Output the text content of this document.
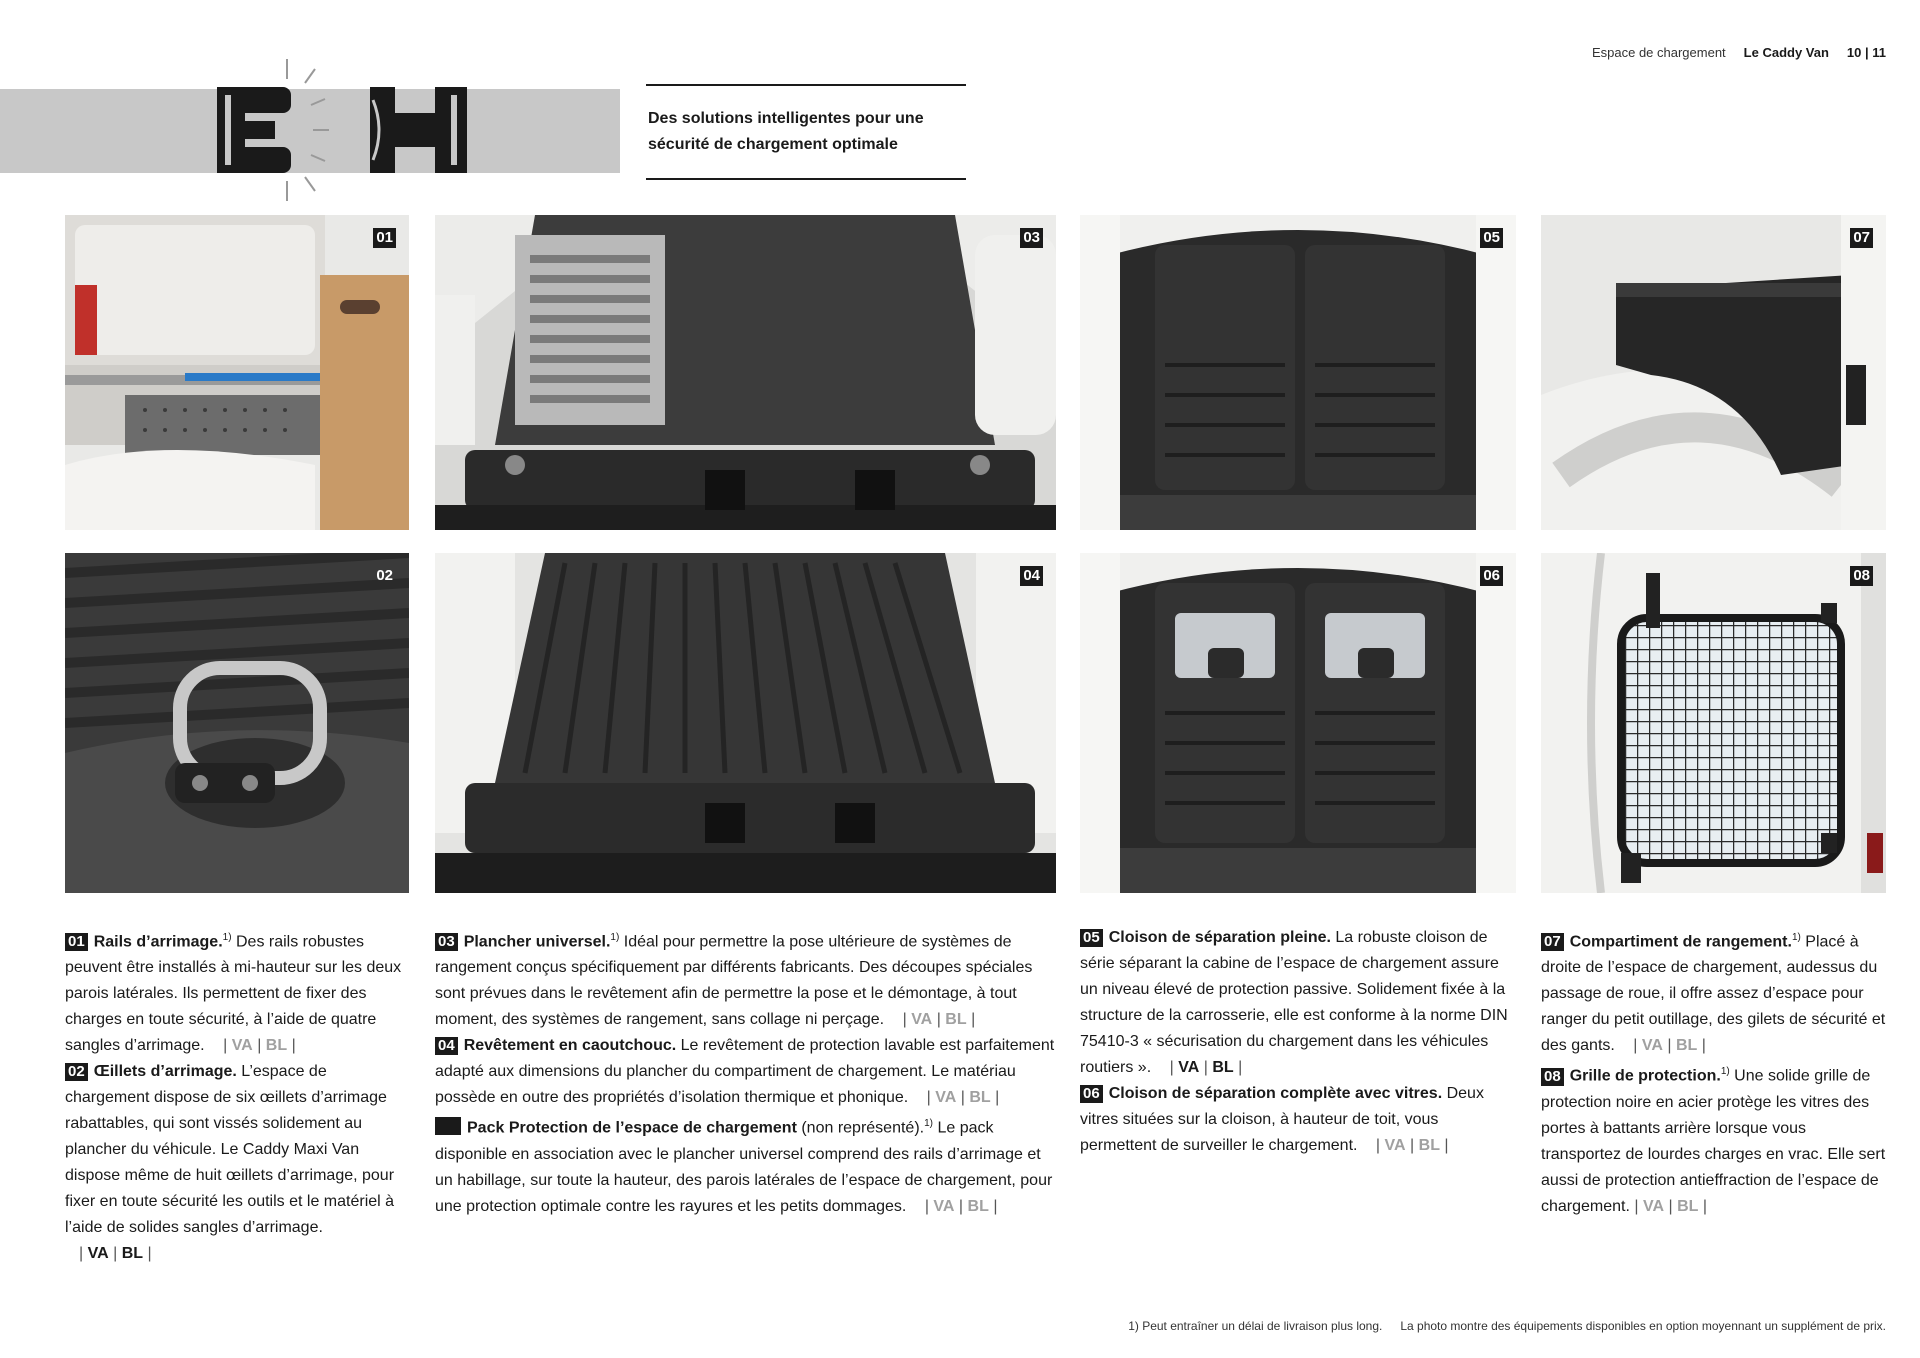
Espace de chargement Le Caddy Van 10 | 11
Des solutions intelligentes pour une
sécurité de chargement optimale
01
02
03
04
05
06
07
08

01 Rails d’arrimage.$^{1)}$ Des rails robustes peuvent être installés à mi-hauteur sur les deux parois latérales. Ils permettent de fixer des charges en toute sécurité, à l’aide de quatre sangles d’arrimage. | VA | BL |

02 Œillets d’arrimage. L’espace de chargement dispose de six œillets d’arrimage rabattables, qui sont vissés solidement au plancher du véhicule. Le Caddy Maxi Van dispose même de huit œillets d’arrimage, pour fixer en toute sécurité les outils et le matériel à l’aide de solides sangles d’arrimage. | VA | BL |

03 Plancher universel.$^{1)}$ Idéal pour permettre la pose ultérieure de systèmes de rangement conçus spécifiquement par différents fabricants. Des découpes spéciales sont prévues dans le revêtement afin de permettre la pose et le démontage, à tout moment, des systèmes de rangement, sans collage ni perçage. | VA | BL |

04 Revêtement en caoutchouc. Le revêtement de protection lavable est parfaitement adapté aux dimensions du plancher du compartiment de chargement. Le matériau possède en outre des propriétés d’isolation thermique et phonique. | VA | BL |

Pack Protection de l’espace de chargement (non représenté).$^{1)}$ Le pack disponible en association avec le plancher universel comprend des rails d’arrimage et un habillage, sur toute la hauteur, des parois latérales de l’espace de chargement, pour une protection optimale contre les rayures et les petits dommages. | VA | BL |

05 Cloison de séparation pleine. La robuste cloison de série séparant la cabine de l’espace de chargement assure un niveau élevé de protection passive. Solidement fixée à la structure de la carrosserie, elle est conforme à la norme DIN 75410-3 « sécurisation du chargement dans les véhicules routiers ». | VA | BL |

06 Cloison de séparation complète avec vitres. Deux vitres situées sur la cloison, à hauteur de toit, vous permettent de surveiller le chargement. | VA | BL |

07 Compartiment de rangement.$^{1)}$ Placé à droite de l’espace de chargement, audessus du passage de roue, il offre assez d’espace pour ranger du petit outillage, des gilets de sécurité et des gants. | VA | BL |

08 Grille de protection.$^{1)}$ Une solide grille de protection noire en acier protège les vitres des portes à battants arrière lorsque vous transportez de lourdes charges en vrac. Elle sert aussi de protection antieffraction de l’espace de chargement. | VA | BL |

1) Peut entraîner un délai de livraison plus long. La photo montre des équipements disponibles en option moyennant un supplément de prix.
